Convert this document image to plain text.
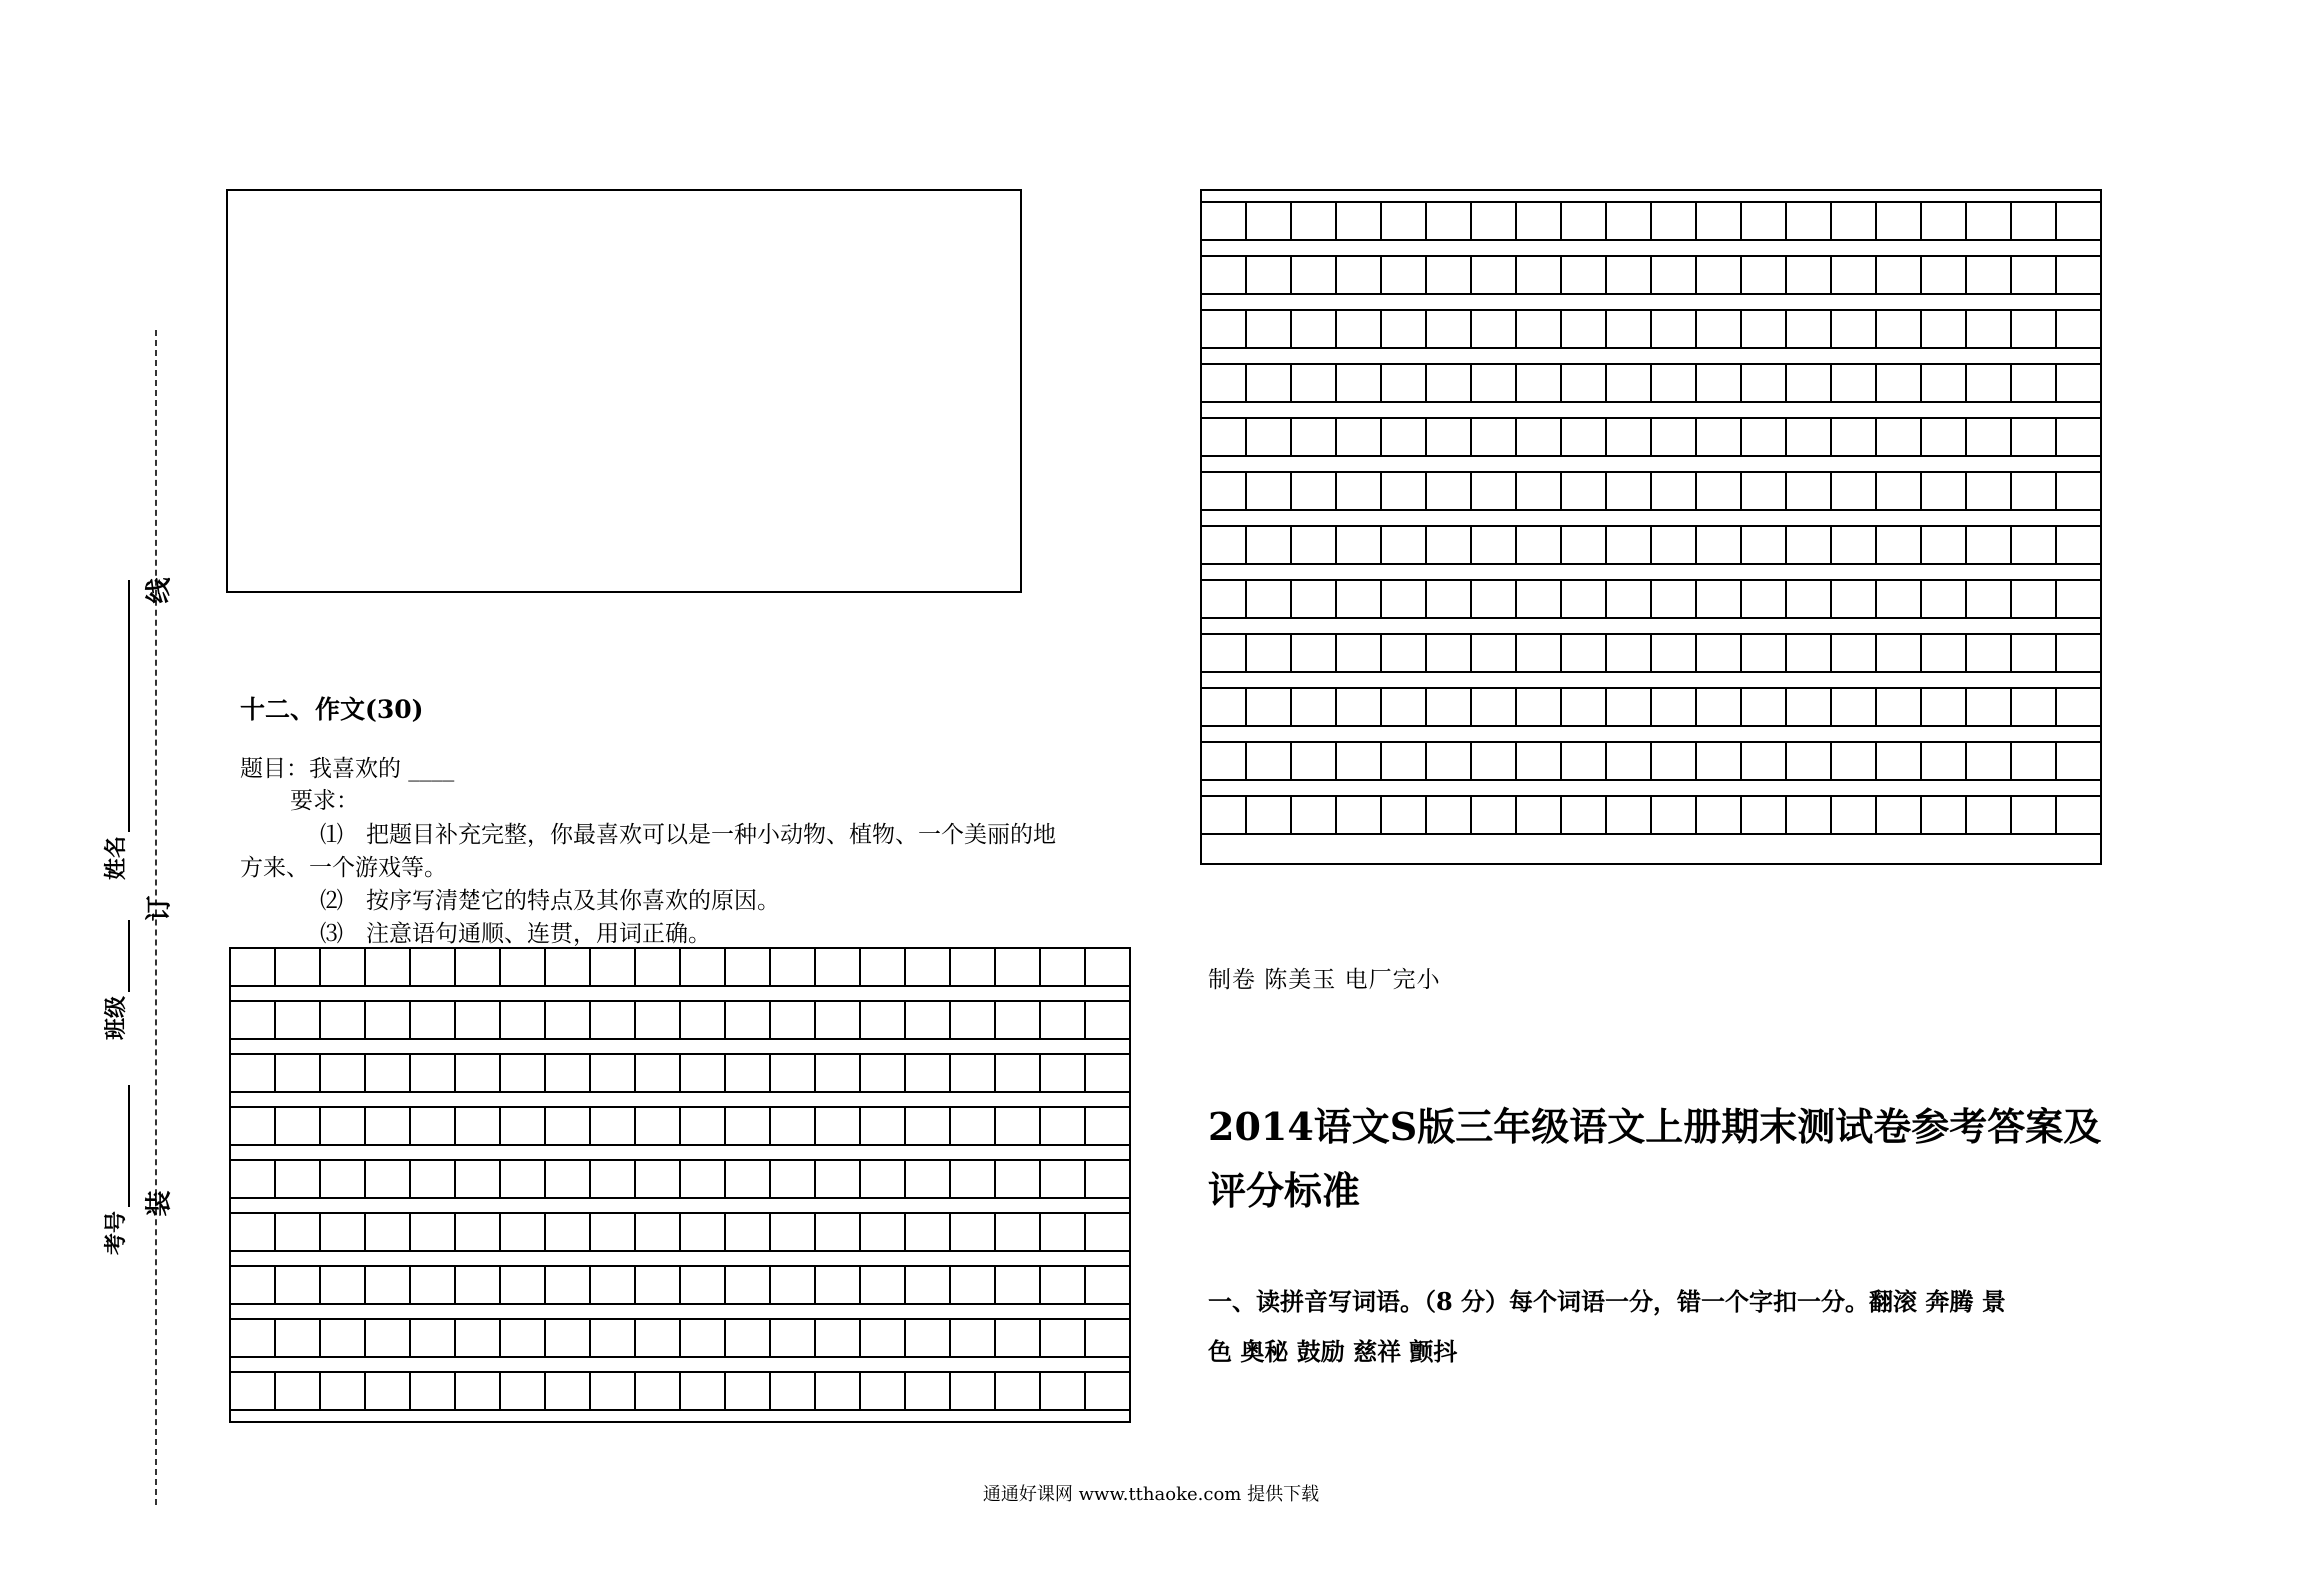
线
订
装
姓名
班级
考号
十二、作文(30)
题目：我喜欢的 ____
要求：
⑴ 把题目补充完整，你最喜欢可以是一种小动物、植物、一个美丽的地
方来、一个游戏等。
⑵ 按序写清楚它的特点及其你喜欢的原因。
⑶ 注意语句通顺、连贯，用词正确。
制卷 陈美玉 电厂完小
2014语文S版三年级语文上册期末测试卷参考答案及
评分标准
一、读拼音写词语。（8 分）每个词语一分，错一个字扣一分。翻滚 奔腾 景
色 奥秘 鼓励 慈祥 颤抖
通通好课网 www.tthaoke.com 提供下载
